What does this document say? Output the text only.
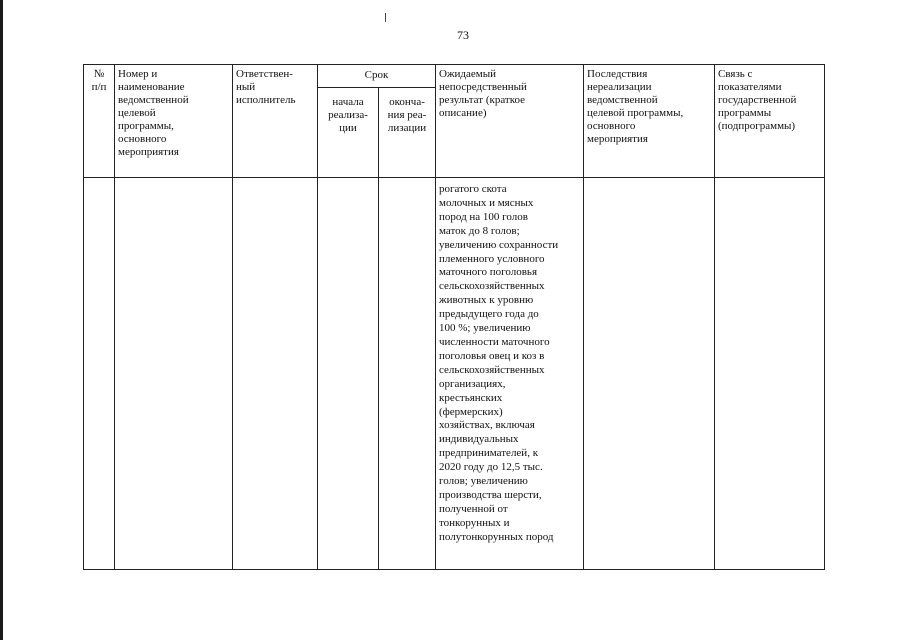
73
№
п/п
Номер и
наименование
ведомственной
целевой
программы,
основного
мероприятия
Ответствен-
ный
исполнитель
Срок
начала
реализа-
ции
оконча-
ния реа-
лизации
Ожидаемый
непосредственный
результат (краткое
описание)
Последствия
нереализации
ведомственной
целевой программы,
основного
мероприятия
Связь с
показателями
государственной
программы
(подпрограммы)
рогатого скота
молочных и мясных
пород на 100 голов
маток до 8 голов;
увеличению сохранности
племенного условного
маточного поголовья
сельскохозяйственных
животных к уровню
предыдущего года до
100 %; увеличению
численности маточного
поголовья овец и коз в
сельскохозяйственных
организациях,
крестьянских
(фермерских)
хозяйствах, включая
индивидуальных
предпринимателей, к
2020 году до 12,5 тыс.
голов; увеличению
производства шерсти,
полученной от
тонкорунных и
полутонкорунных пород
